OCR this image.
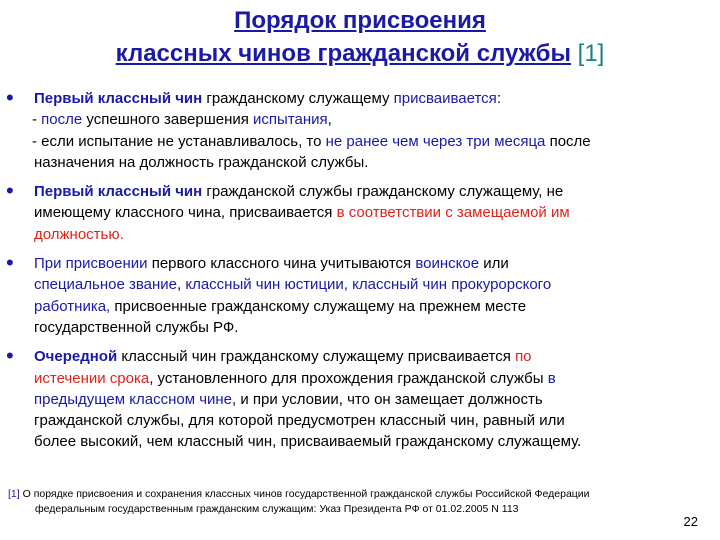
Порядок присвоения
классных чинов гражданской службы [1]
•	Первый классный чин гражданскому служащему присваивается:
- после успешного завершения испытания,
- если испытание не устанавливалось, то не ранее чем через три месяца после
назначения на должность гражданской службы.
•	Первый классный чин гражданской службы гражданскому служащему, не
имеющему классного чина, присваивается в соответствии с замещаемой им
должностью.
•	При присвоении первого классного чина учитываются воинское или
специальное звание, классный чин юстиции, классный чин прокурорского
работника, присвоенные гражданскому служащему на прежнем месте
государственной службы РФ.
•	Очередной классный чин гражданскому служащему присваивается по
истечении срока, установленного для прохождения гражданской службы в
предыдущем классном чине, и при условии, что он замещает должность
гражданской службы, для которой предусмотрен классный чин, равный или
более высокий, чем классный чин, присваиваемый гражданскому служащему.
[1] О порядке присвоения и сохранения классных чинов государственной гражданской службы Российской Федерации
федеральным государственным гражданским служащим: Указ Президента РФ от 01.02.2005 N 113
22
